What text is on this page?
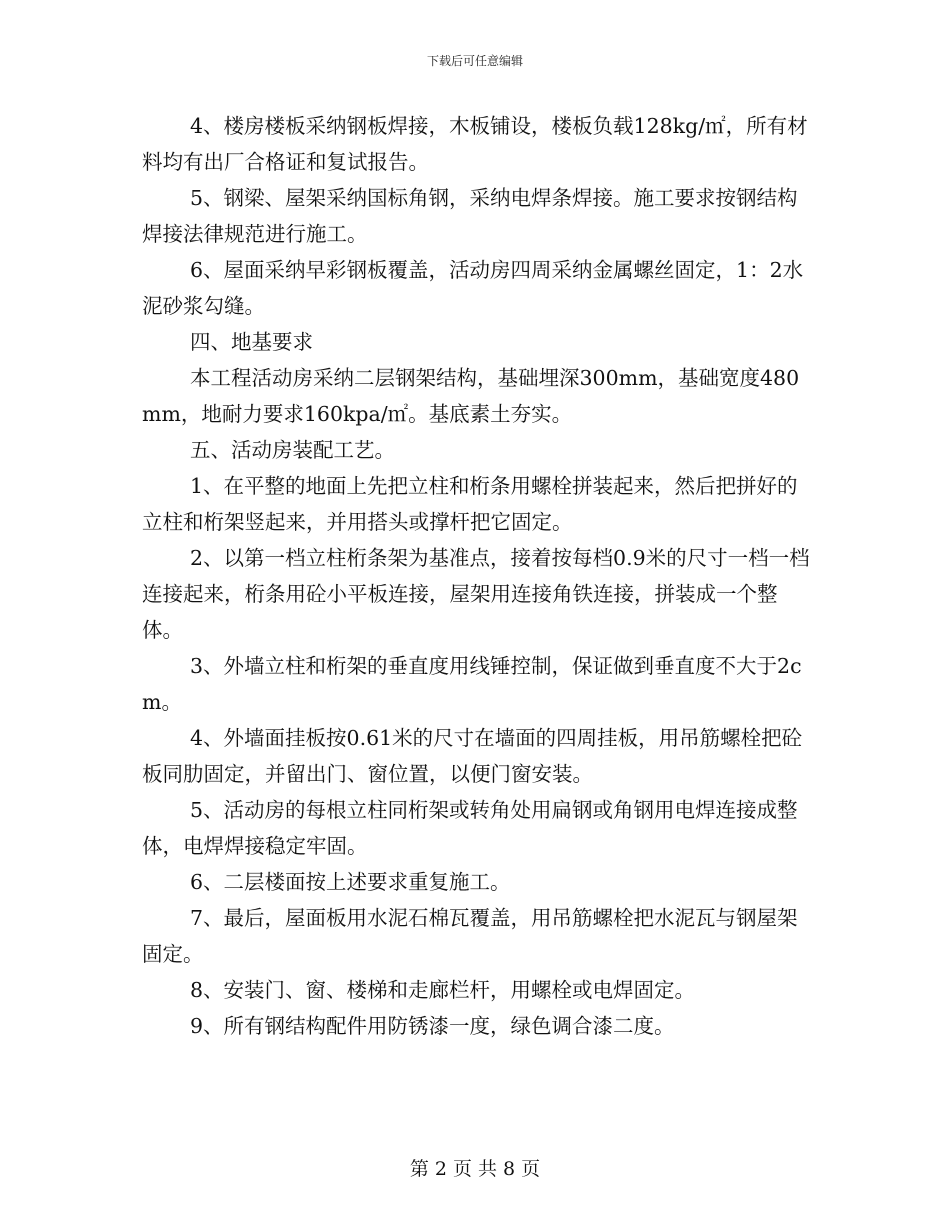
下载后可任意编辑

4、楼房楼板采纳钢板焊接，木板铺设，楼板负载128kg/㎡，所有材料均有出厂合格证和复试报告。

5、钢梁、屋架采纳国标角钢，采纳电焊条焊接。施工要求按钢结构焊接法律规范进行施工。

6、屋面采纳早彩钢板覆盖，活动房四周采纳金属螺丝固定，1：2水泥砂浆勾缝。

四、地基要求

本工程活动房采纳二层钢架结构，基础埋深300mm，基础宽度480mm，地耐力要求160kpa/㎡。基底素土夯实。

五、活动房装配工艺。

1、在平整的地面上先把立柱和桁条用螺栓拼装起来，然后把拼好的立柱和桁架竖起来，并用搭头或撑杆把它固定。

2、以第一档立柱桁条架为基准点，接着按每档0.9米的尺寸一档一档连接起来，桁条用砼小平板连接，屋架用连接角铁连接，拼装成一个整体。

3、外墙立柱和桁架的垂直度用线锤控制，保证做到垂直度不大于2cm。

4、外墙面挂板按0.61米的尺寸在墙面的四周挂板，用吊筋螺栓把砼板同肋固定，并留出门、窗位置，以便门窗安装。

5、活动房的每根立柱同桁架或转角处用扁钢或角钢用电焊连接成整体，电焊焊接稳定牢固。

6、二层楼面按上述要求重复施工。

7、最后，屋面板用水泥石棉瓦覆盖，用吊筋螺栓把水泥瓦与钢屋架固定。

8、安装门、窗、楼梯和走廊栏杆，用螺栓或电焊固定。

9、所有钢结构配件用防锈漆一度，绿色调合漆二度。

第 2 页 共 8 页
